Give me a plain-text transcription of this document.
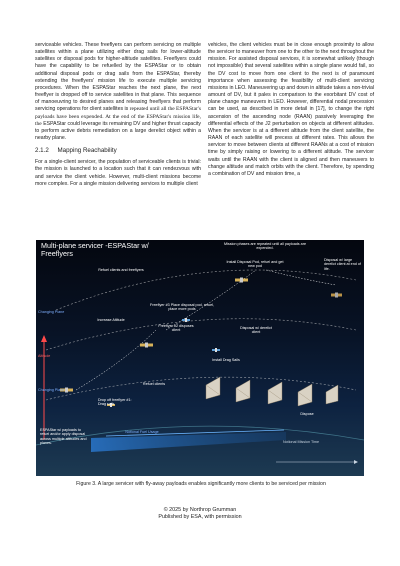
serviceable vehicles. These freeflyers can perform servicing on multiple satellites within a plane utilizing either drag sails for lower-altitude satellites or disposal pods for higher-altitude satellites. Freeflyers could have the capability to be refuelled by the ESPAStar or to obtain additional disposal pods or drag sails from the ESPAStar, thereby extending the freeflyers' mission life to execute multiple servicing procedures. When the ESPAStar reaches the next plane, the next freeflyer is dropped off to service satellites in that plane. This sequence of manoeuvring to desired planes and releasing freeflyers that perform servicing operations for client satellites is repeated until all the ESPAStar's payloads have been expended. At the end of the ESPAStar's mission life, the ESPAStar could leverage its remaining DV and higher thrust capacity to perform active debris remediation on a large derelict object within a nearby plane.

2.1.2 Mapping Reachability

For a single-client servicer, the population of serviceable clients is trivial: the mission is launched to a location such that it can rendezvous with and service the client vehicle. However, multi-client missions become more complex. For a single mission delivering services to multiple client

vehicles, the client vehicles must be in close enough proximity to allow the servicer to maneuver from one to the other to the next throughout the mission. For assisted disposal services, it is somewhat unlikely (though not impossible) that several satellites within a single plane would fail, so the DV cost to move from one client to the next is of paramount importance when assessing the feasibility of multi-client servicing missions in LEO. Maneuvering up and down in altitude takes a non-trivial amount of DV, but it pales in comparison to the exorbitant DV cost of plane change maneuvers in LEO. However, differential nodal precession can be used, as described in more detail in [17], to change the right ascension of the ascending node (RAAN) passively leveraging the differential effects of the J2 perturbation on objects at different altitudes. When the servicer is at a different altitude from the client satellite, the RAAN of each satellite will precess at different rates. This allows the servicer to move between clients at different RAANs at a cost of mission time by simply raising or lowering to a different altitude. The servicer waits until the RAAN with the client is aligned and then maneuvers to change altitude and match orbits with the client. Therefore, by spending a combination of DV and mission time, a

Multi-plane servicer -ESPAStar w/ Freeflyers
Mission phases are repeated until all payloads are expended.
Install Disposal Pod, refuel and get new pod
Disposal w/ large derelict client at end of life.
Refuel clients and freeflyers
Changing Plane
Increase Altitude
Freeflyer #3 Place disposal pod, refuel, place more pods
Freeflyer #2 disposes client
Disposal w/ derelict client
Altitude
Install Drag Sails
Changing Plane
Refuel clients
Drop off freeflyer #1: Drag sails
Dispose
ESPAStar w/ payloads to refuel and/or apply disposal across multiple altitudes and planes.
Notional Fuel Usage
Notional Mission Time
Figure 3. A large servicer with fly-away payloads enables significantly more clients to be serviced per mission
© 2025 by Northrop Grumman
Published by ESA, with permission
